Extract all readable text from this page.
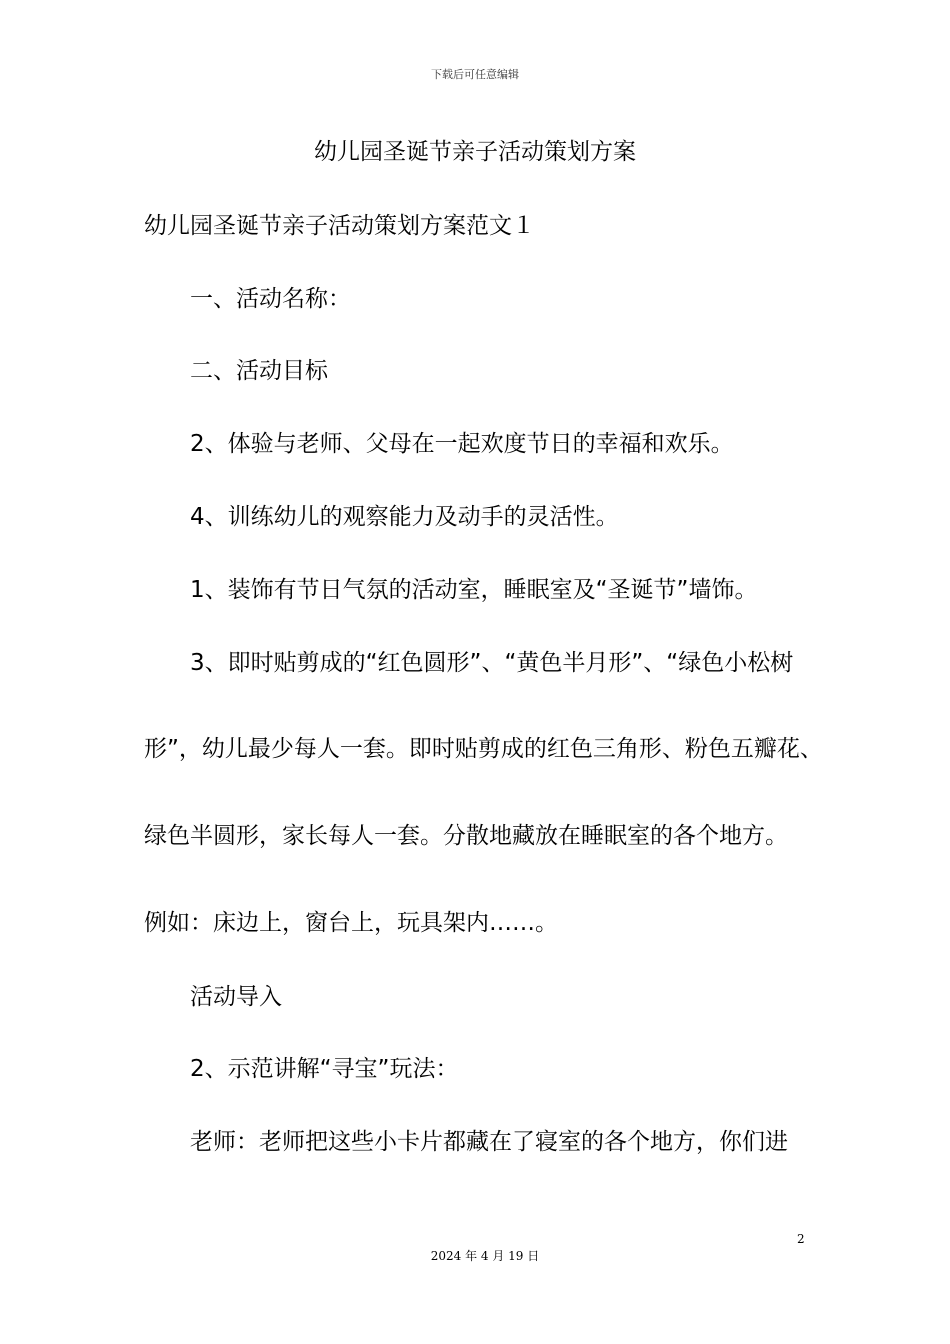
下载后可任意编辑
幼儿园圣诞节亲子活动策划方案
幼儿园圣诞节亲子活动策划方案范文１
一、活动名称：
二、活动目标
2、体验与老师、父母在一起欢度节日的幸福和欢乐。
4、训练幼儿的观察能力及动手的灵活性。
1、装饰有节日气氛的活动室，睡眠室及“圣诞节”墙饰。
3、即时贴剪成的“红色圆形”、“黄色半月形”、“绿色小松树
形”，幼儿最少每人一套。即时贴剪成的红色三角形、粉色五瓣花、
绿色半圆形，家长每人一套。分散地藏放在睡眠室的各个地方。
例如：床边上，窗台上，玩具架内……。
活动导入
2、示范讲解“寻宝”玩法：
老师：老师把这些小卡片都藏在了寝室的各个地方，你们进
2
2024 年 4 月 19 日
